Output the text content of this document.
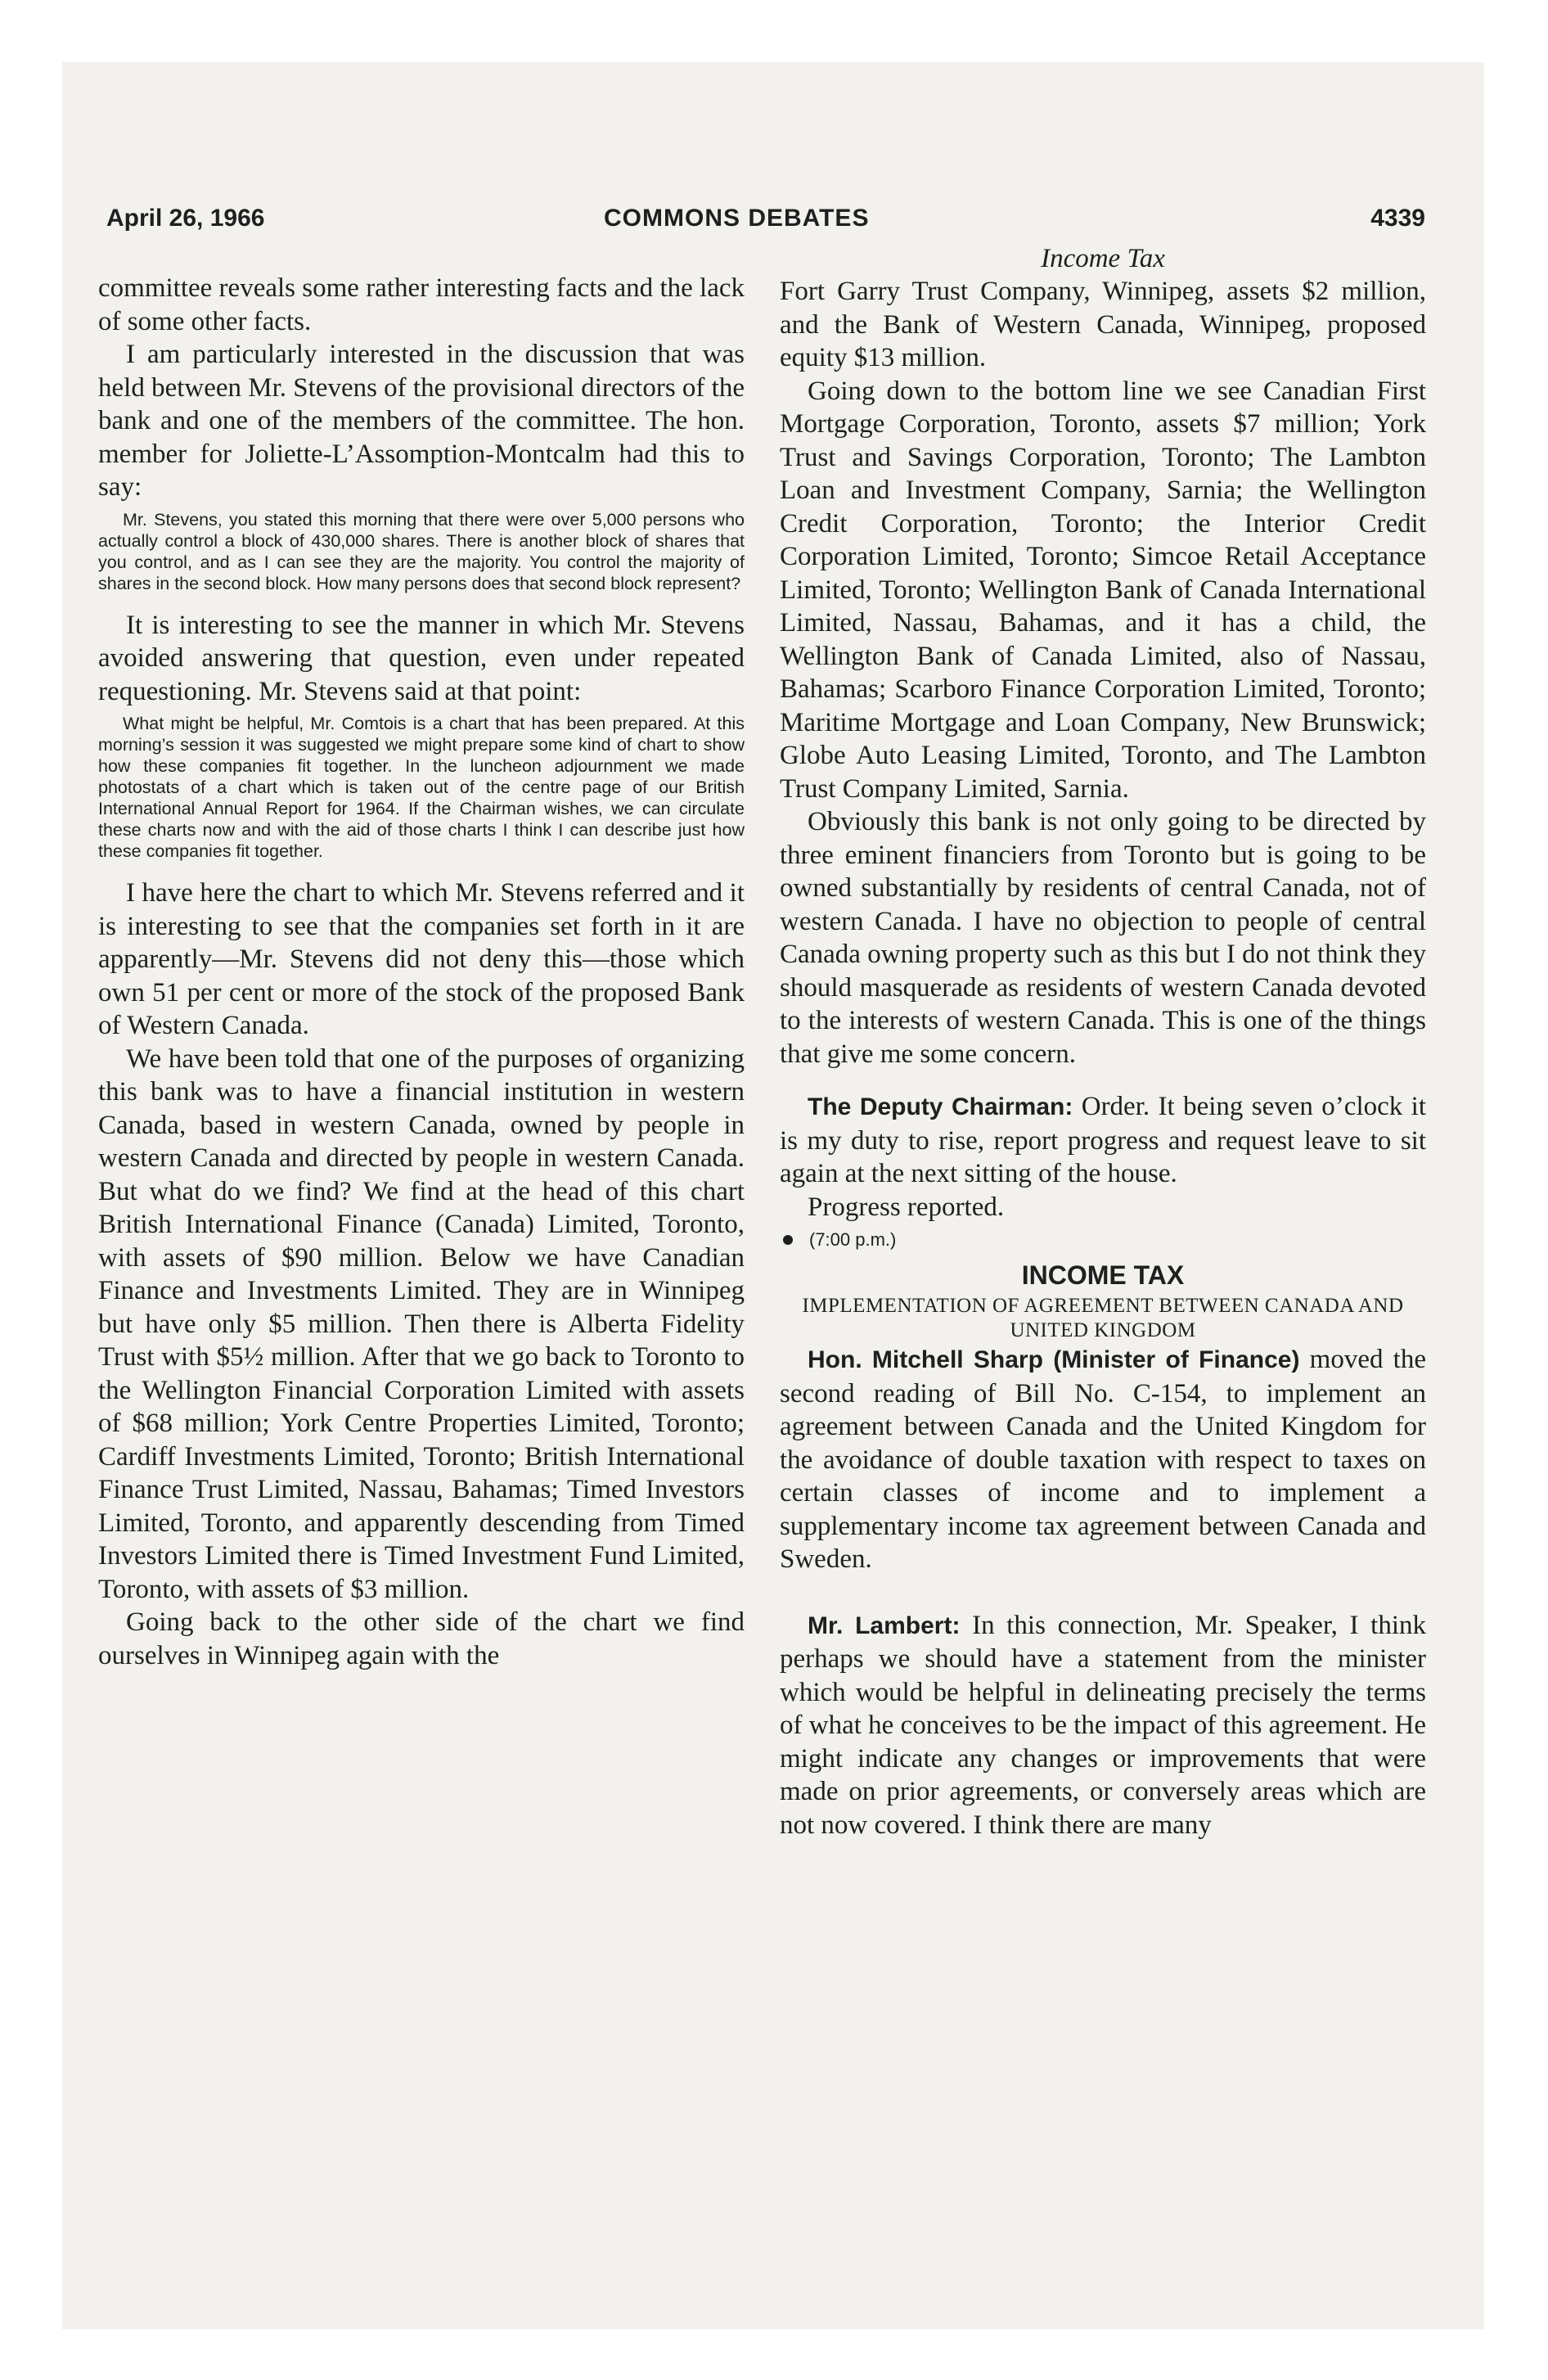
April 26, 1966	COMMONS DEBATES	4339

committee reveals some rather interesting facts and the lack of some other facts.

I am particularly interested in the discussion that was held between Mr. Stevens of the provisional directors of the bank and one of the members of the committee. The hon. member for Joliette-L’Assomption-Montcalm had this to say:

Mr. Stevens, you stated this morning that there were over 5,000 persons who actually control a block of 430,000 shares. There is another block of shares that you control, and as I can see they are the majority. You control the majority of shares in the second block. How many persons does that second block represent?

It is interesting to see the manner in which Mr. Stevens avoided answering that question, even under repeated requestioning. Mr. Stevens said at that point:

What might be helpful, Mr. Comtois is a chart that has been prepared. At this morning’s session it was suggested we might prepare some kind of chart to show how these companies fit together. In the luncheon adjournment we made photostats of a chart which is taken out of the centre page of our British International Annual Report for 1964. If the Chairman wishes, we can circulate these charts now and with the aid of those charts I think I can describe just how these companies fit together.

I have here the chart to which Mr. Stevens referred and it is interesting to see that the companies set forth in it are apparently—Mr. Stevens did not deny this—those which own 51 per cent or more of the stock of the proposed Bank of Western Canada.

We have been told that one of the purposes of organizing this bank was to have a financial institution in western Canada, based in western Canada, owned by people in western Canada and directed by people in western Canada. But what do we find? We find at the head of this chart British International Finance (Canada) Limited, Toronto, with assets of $90 million. Below we have Canadian Finance and Investments Limited. They are in Winnipeg but have only $5 million. Then there is Alberta Fidelity Trust with $5½ million. After that we go back to Toronto to the Wellington Financial Corporation Limited with assets of $68 million; York Centre Properties Limited, Toronto; Cardiff Investments Limited, Toronto; British International Finance Trust Limited, Nassau, Bahamas; Timed Investors Limited, Toronto, and apparently descending from Timed Investors Limited there is Timed Investment Fund Limited, Toronto, with assets of $3 million.

Going back to the other side of the chart we find ourselves in Winnipeg again with the

Income Tax

Fort Garry Trust Company, Winnipeg, assets $2 million, and the Bank of Western Canada, Winnipeg, proposed equity $13 million.

Going down to the bottom line we see Canadian First Mortgage Corporation, Toronto, assets $7 million; York Trust and Savings Corporation, Toronto; The Lambton Loan and Investment Company, Sarnia; the Wellington Credit Corporation, Toronto; the Interior Credit Corporation Limited, Toronto; Simcoe Retail Acceptance Limited, Toronto; Wellington Bank of Canada International Limited, Nassau, Bahamas, and it has a child, the Wellington Bank of Canada Limited, also of Nassau, Bahamas; Scarboro Finance Corporation Limited, Toronto; Maritime Mortgage and Loan Company, New Brunswick; Globe Auto Leasing Limited, Toronto, and The Lambton Trust Company Limited, Sarnia.

Obviously this bank is not only going to be directed by three eminent financiers from Toronto but is going to be owned substantially by residents of central Canada, not of western Canada. I have no objection to people of central Canada owning property such as this but I do not think they should masquerade as residents of western Canada devoted to the interests of western Canada. This is one of the things that give me some concern.

The Deputy Chairman: Order. It being seven o’clock it is my duty to rise, report progress and request leave to sit again at the next sitting of the house.

Progress reported.

(7:00 p.m.)

INCOME TAX

IMPLEMENTATION OF AGREEMENT BETWEEN CANADA AND UNITED KINGDOM

Hon. Mitchell Sharp (Minister of Finance) moved the second reading of Bill No. C-154, to implement an agreement between Canada and the United Kingdom for the avoidance of double taxation with respect to taxes on certain classes of income and to implement a supplementary income tax agreement between Canada and Sweden.

Mr. Lambert: In this connection, Mr. Speaker, I think perhaps we should have a statement from the minister which would be helpful in delineating precisely the terms of what he conceives to be the impact of this agreement. He might indicate any changes or improvements that were made on prior agreements, or conversely areas which are not now covered. I think there are many
